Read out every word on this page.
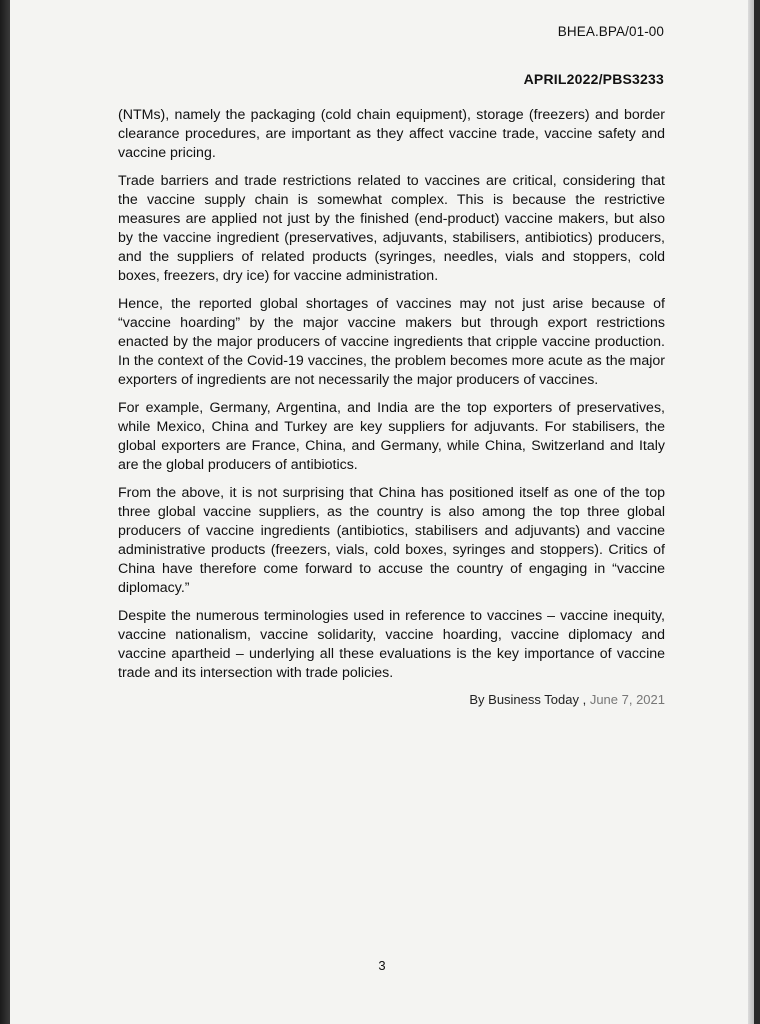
BHEA.BPA/01-00
APRIL2022/PBS3233

(NTMs), namely the packaging (cold chain equipment), storage (freezers) and border clearance procedures, are important as they affect vaccine trade, vaccine safety and vaccine pricing.

Trade barriers and trade restrictions related to vaccines are critical, considering that the vaccine supply chain is somewhat complex. This is because the restrictive measures are applied not just by the finished (end-product) vaccine makers, but also by the vaccine ingredient (preservatives, adjuvants, stabilisers, antibiotics) producers, and the suppliers of related products (syringes, needles, vials and stoppers, cold boxes, freezers, dry ice) for vaccine administration.

Hence, the reported global shortages of vaccines may not just arise because of “vaccine hoarding” by the major vaccine makers but through export restrictions enacted by the major producers of vaccine ingredients that cripple vaccine production. In the context of the Covid-19 vaccines, the problem becomes more acute as the major exporters of ingredients are not necessarily the major producers of vaccines.

For example, Germany, Argentina, and India are the top exporters of preservatives, while Mexico, China and Turkey are key suppliers for adjuvants. For stabilisers, the global exporters are France, China, and Germany, while China, Switzerland and Italy are the global producers of antibiotics.

From the above, it is not surprising that China has positioned itself as one of the top three global vaccine suppliers, as the country is also among the top three global producers of vaccine ingredients (antibiotics, stabilisers and adjuvants) and vaccine administrative products (freezers, vials, cold boxes, syringes and stoppers). Critics of China have therefore come forward to accuse the country of engaging in “vaccine diplomacy.”

Despite the numerous terminologies used in reference to vaccines – vaccine inequity, vaccine nationalism, vaccine solidarity, vaccine hoarding, vaccine diplomacy and vaccine apartheid – underlying all these evaluations is the key importance of vaccine trade and its intersection with trade policies.

By Business Today , June 7, 2021
3
